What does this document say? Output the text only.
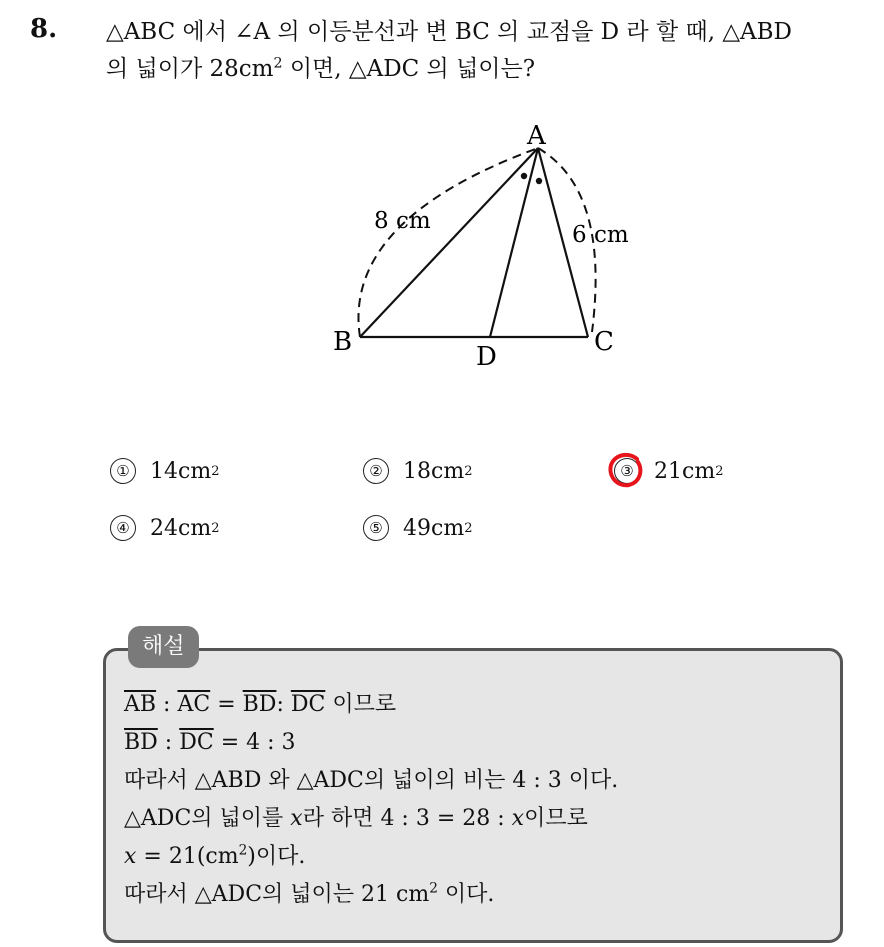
8. △ABC 에서 ∠A 의 이등분선과 변 BC 의 교점을 D 라 할 때, △ABD
의 넓이가 $28cm^2$ 이면, △ADC 의 넓이는?
A
B	C
D
8 cm
6 cm
① 14cm 2	② 18cm 2	③ 21cm 2
④ 24cm 2	⑤ 49cm 2
해설
$\overline{AB}$ : $\overline{AC} = \overline{BD}$: $\overline{DC}$ 이므로
$\overline{BD}$ : $\overline{DC} = 4$ : 3
따라서 △ABD 와 △ADC의 넓이의 비는 4 : 3 이다.
△ADC의 넓이를 x라 하면 4 : 3 = 28 : x이므로
$x = 21(cm^2)$이다.
따라서 △ADC의 넓이는 21 $cm^2$ 이다.
